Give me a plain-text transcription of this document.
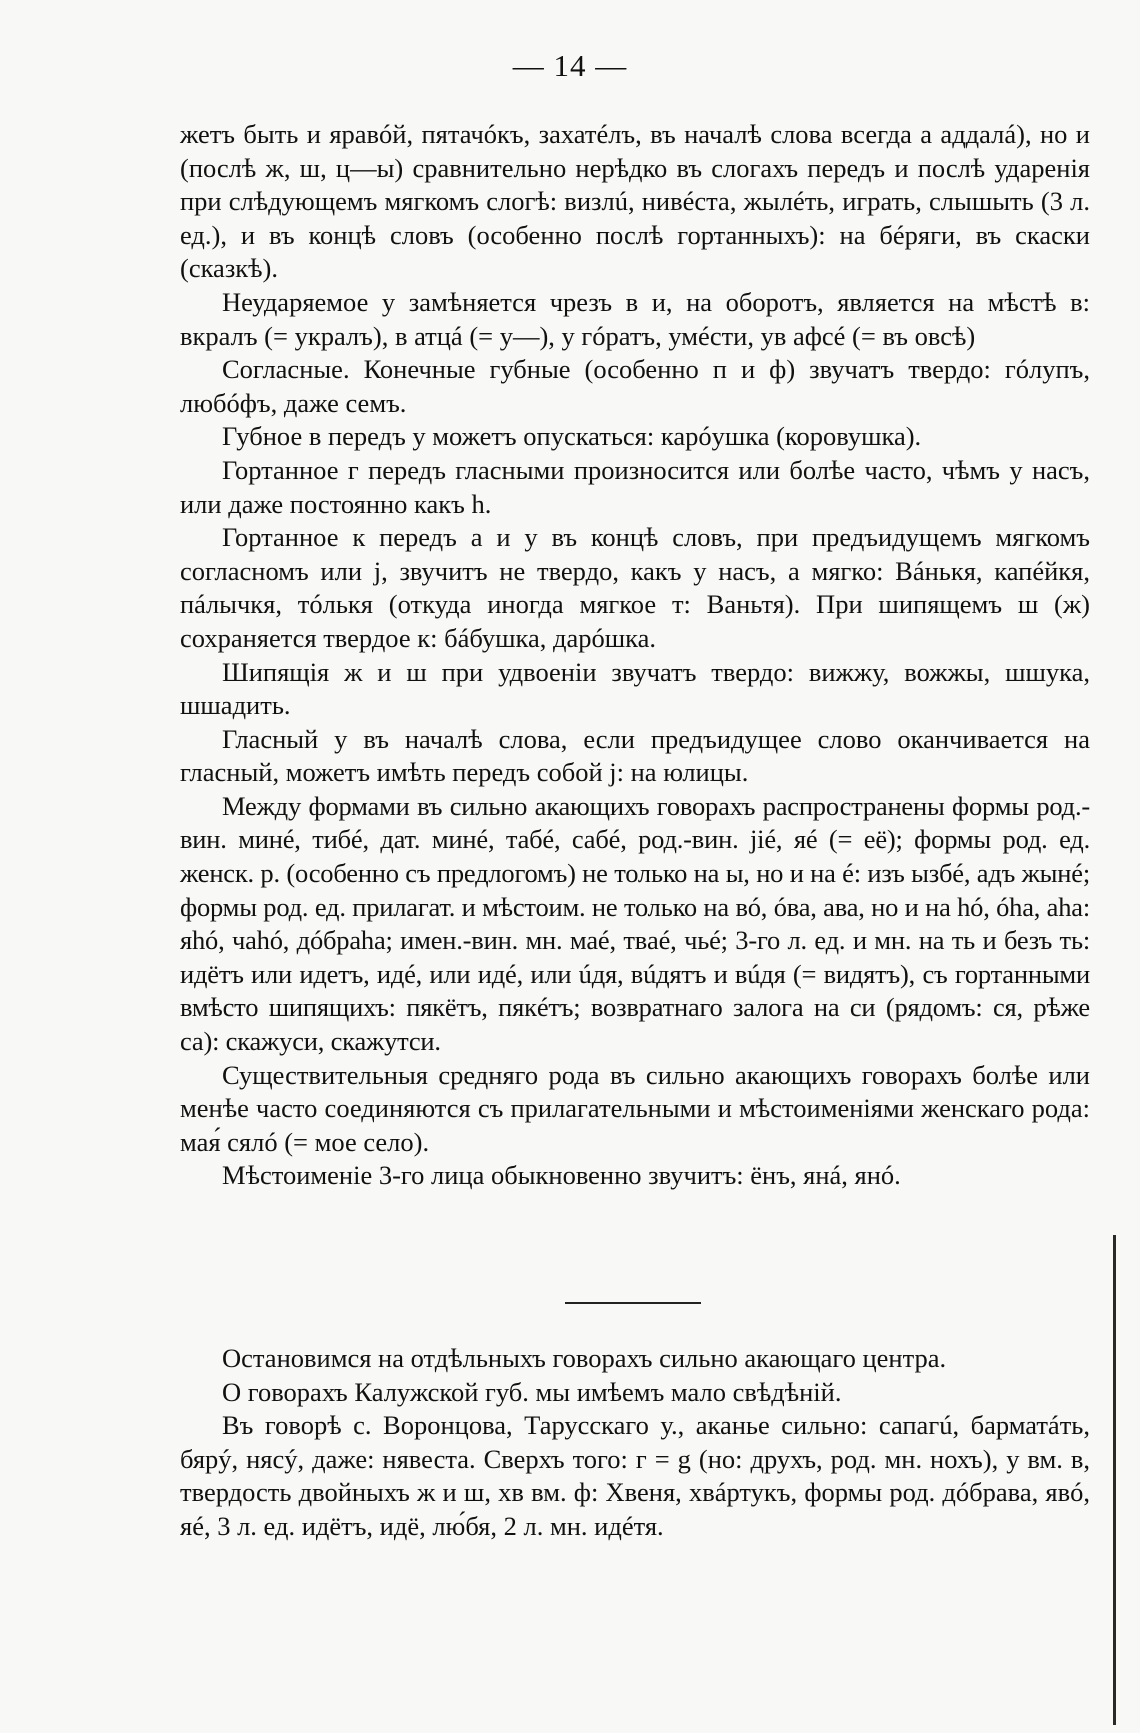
— 14 —

жетъ быть и яравóй, пятачóкъ, захатéлъ, въ началѣ слова всегда а аддалá), но и (послѣ ж, ш, ц—ы) сравнительно нерѣдко въ слогахъ передъ и послѣ ударенія при слѣдующемъ мягкомъ слогѣ: визлú, нивéста, жылéть, играть, слышыть (3 л. ед.), и въ концѣ словъ (особенно послѣ гортанныхъ): на бéряги, въ скаски (сказкѣ).

Неударяемое у замѣняется чрезъ в и, на оборотъ, является на мѣстѣ в: вкралъ (= укралъ), в атцá (= у—), у гóратъ, умéсти, ув афсé (= въ овсѣ)

Согласные. Конечные губные (особенно п и ф) звучатъ твердо: гóлупъ, любóфъ, даже семъ.

Губное в передъ у можетъ опускаться: карóушка (коровушка).

Гортанное г передъ гласными произносится или болѣе часто, чѣмъ у насъ, или даже постоянно какъ h.

Гортанное к передъ а и у въ концѣ словъ, при предъидущемъ мягкомъ согласномъ или j, звучитъ не твердо, какъ у насъ, а мягко: Вáнькя, капéйкя, пáлычкя, тóлькя (откуда иногда мягкое т: Ваньтя). При шипящемъ ш (ж) сохраняется твердое к: бáбушка, дарóшка.

Шипящія ж и ш при удвоеніи звучатъ твердо: вижжу, вожжы, шшука, шшадить.

Гласный у въ началѣ слова, если предъидущее слово оканчивается на гласный, можетъ имѣть передъ собой j: на юлицы.

Между формами въ сильно акающихъ говорахъ распространены формы род.-вин. минé, тибé, дат. минé, табé, сабé, род.-вин. jié, яé (= её); формы род. ед. женск. р. (особенно съ предлогомъ) не только на ы, но и на é: изъ ызбé, адъ жынé; формы род. ед. прилагат. и мѣстоим. не только на вó, óва, ава, но и на hó, óhа, аhа: яhó, чаhó, дóбраhа; имен.-вин. мн. маé, твaé, чьé; 3-го л. ед. и мн. на ть и безъ ть: идётъ или идетъ, идé, или идé, или úдя, вúдятъ и вúдя (= видятъ), съ гортанными вмѣсто шипящихъ: пякётъ, пякéтъ; возвратнаго залога на си (рядомъ: ся, рѣже са): скажуси, скажутси.

Существительныя средняго рода въ сильно акающихъ говорахъ болѣе или менѣе часто соединяются съ прилагательными и мѣстоименіями женскаго рода: мая́ сялó (= мое село).

Мѣстоименіе 3-го лица обыкновенно звучитъ: ёнъ, янá, янó.

Остановимся на отдѣльныхъ говорахъ сильно акающаго центра.

О говорахъ Калужской губ. мы имѣемъ мало свѣдѣній.

Въ говорѣ с. Воронцова, Тарусскаго у., аканье сильно: сапагú, барматáть, бярý, нясý, даже: нявеста. Сверхъ того: г = g (но: друхъ, род. мн. нохъ), у вм. в, твердость двойныхъ ж и ш, хв вм. ф: Хвеня, хвáртукъ, формы род. дóбрава, явó, яé, 3 л. ед. идётъ, идё, лю́бя, 2 л. мн. идéтя.
